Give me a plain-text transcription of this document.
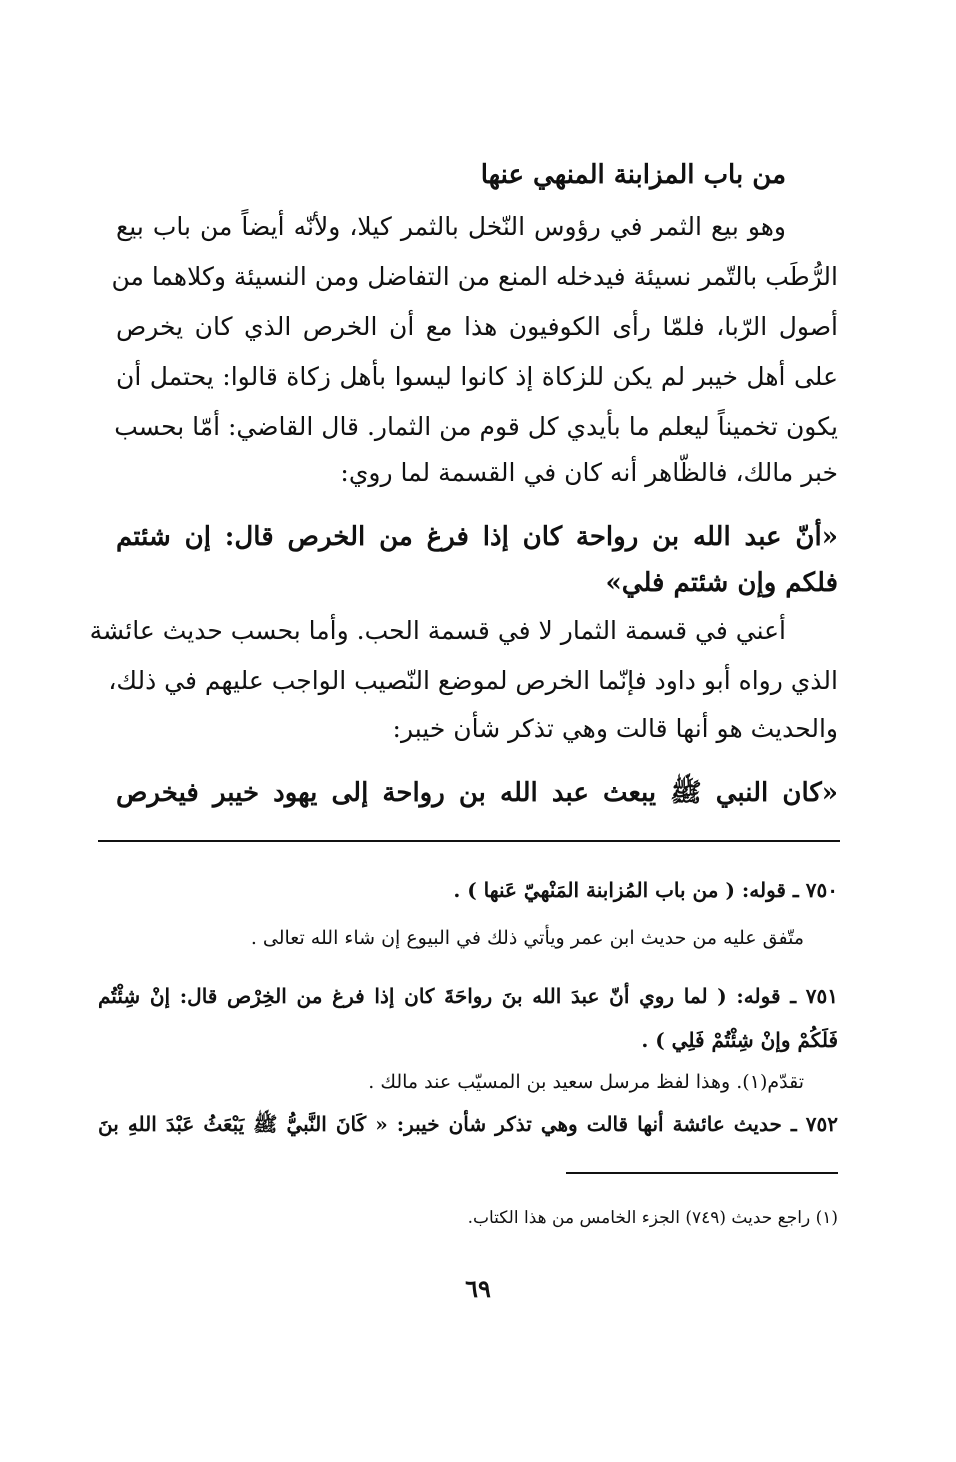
من باب المزابنة المنهي عنها
وهو بيع الثمر في رؤوس النّخل بالثمر كيلا، ولأنّه أيضاً من باب بيع
الرُّطَب بالتّمر نسيئة فيدخله المنع من التفاضل ومن النسيئة وكلاهما من
أصول الرّبا، فلمّا رأى الكوفيون هذا مع أن الخرص الذي كان يخرص
على أهل خيبر لم يكن للزكاة إذ كانوا ليسوا بأهل زكاة قالوا: يحتمل أن
يكون تخميناً ليعلم ما بأيدي كل قوم من الثمار. قال القاضي: أمّا بحسب
خبر مالك، فالظّاهر أنه كان في القسمة لما روي:
«أنّ عبد الله بن رواحة كان إذا فرغ من الخرص قال: إن شئتم
فلكم وإن شئتم فلي»
أعني في قسمة الثمار لا في قسمة الحب. وأما بحسب حديث عائشة
الذي رواه أبو داود فإنّما الخرص لموضع النّصيب الواجب عليهم في ذلك،
والحديث هو أنها قالت وهي تذكر شأن خيبر:
«كان النبي ﷺ يبعث عبد الله بن رواحة إلى يهود خيبر فيخرص
٧٥٠ ـ قوله: ( من باب المُزابنة المَنْهيّ عَنها ) .
متّفق عليه من حديث ابن عمر ويأتي ذلك في البيوع إن شاء الله تعالى .
٧٥١ ـ قوله: ( لما روي أنّ عبدَ الله بنَ رواحَةَ كان إذا فرغ من الخِرْص قال: إنْ شِئْتُم
فَلَكُمْ وإنْ شِئْتُمْ فَلِي ) .
تقدّم(١). وهذا لفظ مرسل سعيد بن المسيّب عند مالك .
٧٥٢ ـ حديث عائشة أنها قالت وهي تذكر شأن خيبر: « كَانَ النَّبيُّ ﷺ يَبْعَثُ عَبْدَ اللهِ بنَ
(١) راجع حديث (٧٤٩) الجزء الخامس من هذا الكتاب.
٦٩
